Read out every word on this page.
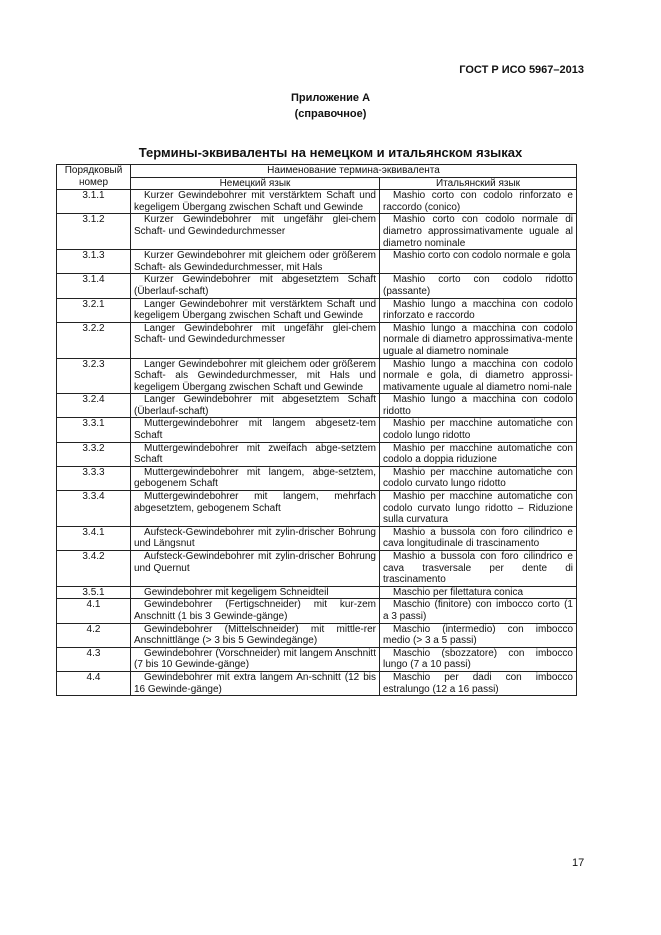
ГОСТ Р ИСО 5967–2013
Приложение А
(справочное)
Термины-эквиваленты на немецком и итальянском языках
Порядковый номер	Наименование термина-эквивалента	
	Немецкий язык	Итальянский язык
3.1.1	Kurzer Gewindebohrer mit verstärktem Schaft und kegeligem Übergang zwischen Schaft und Gewinde	Mashio corto con codolo rinforzato e raccordo (conico)
3.1.2	Kurzer Gewindebohrer mit ungefähr glei-chem Schaft- und Gewindedurchmesser	Mashio corto con codolo normale di diametro approssimativamente uguale al diametro nominale
3.1.3	Kurzer Gewindebohrer mit gleichem oder größerem Schaft- als Gewindedurchmesser, mit Hals	Mashio corto con codolo normale e gola
3.1.4	Kurzer Gewindebohrer mit abgesetztem Schaft (Überlauf-schaft)	Mashio corto con codolo ridotto (passante)
3.2.1	Langer Gewindebohrer mit verstärktem Schaft und kegeligem Übergang zwischen Schaft und Gewinde	Mashio lungo a macchina con codolo rinforzato e raccordo
3.2.2	Langer Gewindebohrer mit ungefähr glei-chem Schaft- und Gewindedurchmesser	Mashio lungo a macchina con codolo normale di diametro approssimativa-mente uguale al diametro nominale
3.2.3	Langer Gewindebohrer mit gleichem oder größerem Schaft- als Gewindedurchmesser, mit Hals und kegeligem Übergang zwischen Schaft und Gewinde	Mashio lungo a macchina con codolo normale e gola, di diametro approssi-mativamente uguale al diametro nomi-nale
3.2.4	Langer Gewindebohrer mit abgesetztem Schaft (Überlauf-schaft)	Mashio lungo a macchina con codolo ridotto
3.3.1	Muttergewindebohrer mit langem abgesetz-tem Schaft	Mashio per macchine automatiche con codolo lungo ridotto
3.3.2	Muttergewindebohrer mit zweifach abge-setztem Schaft	Mashio per macchine automatiche con codolo a doppia riduzione
3.3.3	Muttergewindebohrer mit langem, abge-setztem, gebogenem Schaft	Mashio per macchine automatiche con codolo curvato lungo ridotto
3.3.4	Muttergewindebohrer mit langem, mehrfach abgesetztem, gebogenem Schaft	Mashio per macchine automatiche con codolo curvato lungo ridotto – Riduzione sulla curvatura
3.4.1	Aufsteck-Gewindebohrer mit zylin-drischer Bohrung und Längsnut	Mashio a bussola con foro cilindrico e cava longitudinale di trascinamento
3.4.2	Aufsteck-Gewindebohrer mit zylin-drischer Bohrung und Quernut	Mashio a bussola con foro cilindrico e cava trasversale per dente di trascinamento
3.5.1	Gewindebohrer mit kegeligem Schneidteil	Maschio per filettatura conica
4.1	Gewindebohrer (Fertigschneider) mit kur-zem Anschnitt (1 bis 3 Gewinde-gänge)	Maschio (finitore) con imbocco corto (1 a 3 passi)
4.2	Gewindebohrer (Mittelschneider) mit mittle-rer Anschnittlänge (> 3 bis 5 Gewindegänge)	Maschio (intermedio) con imbocco medio (> 3 a 5 passi)
4.3	Gewindebohrer (Vorschneider) mit langem Anschnitt (7 bis 10 Gewinde-gänge)	Maschio (sbozzatore) con imbocco lungo (7 a 10 passi)
4.4	Gewindebohrer mit extra langem An-schnitt (12 bis 16 Gewinde-gänge)	Maschio per dadi con imbocco estralungo (12 a 16 passi)
17
